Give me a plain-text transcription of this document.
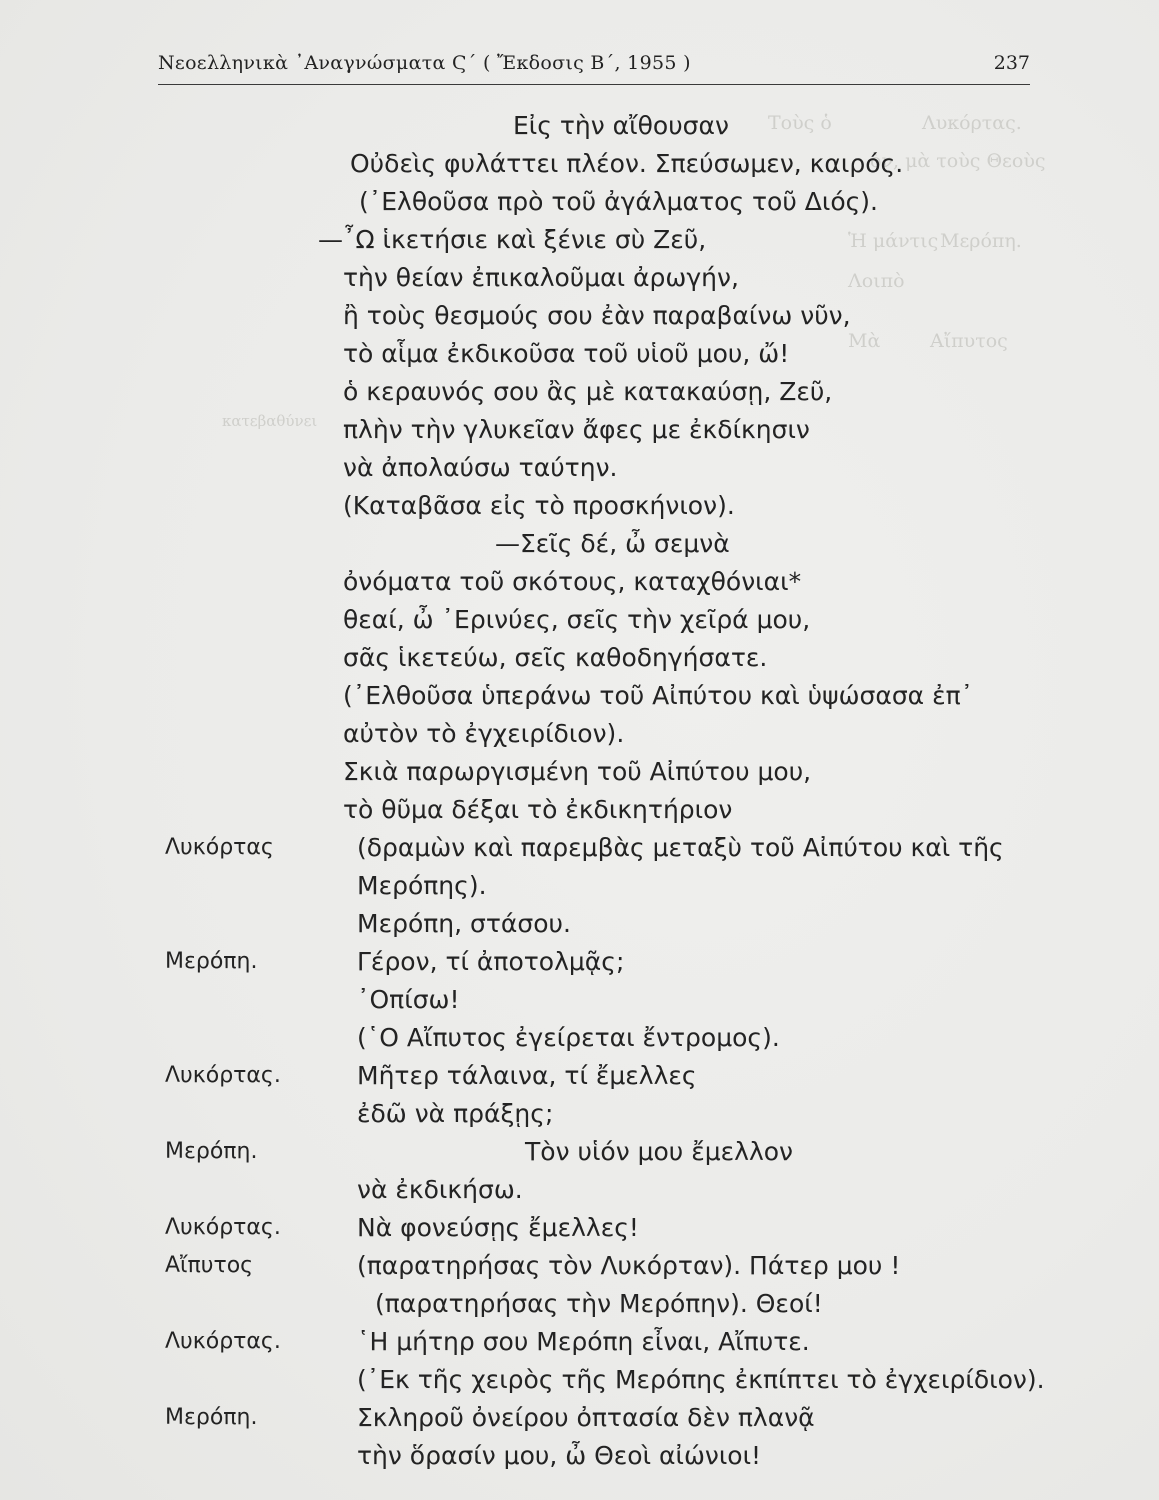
Λυκόρτας.
Τοὺς ὁ
ὸν, μὰ τοὺς Θεοὺς
Μερόπη.
Ἡ μάντις
Λοιπὸ
Αἴπυτος
Μὰ
κατεβαθύνει
Νεοελληνικὰ ᾿Αναγνώσματα Ϛ´ ( Ἔκδοσις Β´, 1955 )	237
Εἰς τὴν αἴθουσαν
Οὐδεὶς φυλάττει πλέον. Σπεύσωμεν, καιρός.
(᾿Ελθοῦσα πρὸ τοῦ ἀγάλματος τοῦ Διός).
—῏Ω ἱκετήσιε καὶ ξένιε σὺ Ζεῦ,
τὴν θείαν ἐπικαλοῦμαι ἀρωγήν,
ἢ τοὺς θεσμούς σου ἐὰν παραβαίνω νῦν,
τὸ αἷμα ἐκδικοῦσα τοῦ υἱοῦ μου, ὤ!
ὁ κεραυνός σου ἂς μὲ κατακαύσῃ, Ζεῦ,
πλὴν τὴν γλυκεῖαν ἄφες με ἐκδίκησιν
νὰ ἀπολαύσω ταύτην.
(Καταβᾶσα εἰς τὸ προσκήνιον).
—Σεῖς δέ, ὦ σεμνὰ
ὀνόματα τοῦ σκότους, καταχθόνιαι*
θεαί, ὦ ᾿Ερινύες, σεῖς τὴν χεῖρά μου,
σᾶς ἱκετεύω, σεῖς καθοδηγήσατε.
(᾿Ελθοῦσα ὑπεράνω τοῦ Αἰπύτου καὶ ὑψώσασα ἐπ᾿
αὐτὸν τὸ ἐγχειρίδιον).
Σκιὰ παρωργισμένη τοῦ Αἰπύτου μου,
τὸ θῦμα δέξαι τὸ ἐκδικητήριον
Λυκόρτας	(δραμὼν καὶ παρεμβὰς μεταξὺ τοῦ Αἰπύτου καὶ τῆς
Μερόπης).
Μερόπη, στάσου.
Μερόπη.	Γέρον, τί ἀποτολμᾷς;
᾿Οπίσω!
(῾Ο Αἴπυτος ἐγείρεται ἔντρομος).
Λυκόρτας.	Μῆτερ τάλαινα, τί ἔμελλες
ἐδῶ νὰ πράξῃς;
Μερόπη.	Τὸν υἱόν μου ἔμελλον
νὰ ἐκδικήσω.
Λυκόρτας.	Νὰ φονεύσῃς ἔμελλες!
Αἴπυτος	(παρατηρήσας τὸν Λυκόρταν). Πάτερ μου !
(παρατηρήσας τὴν Μερόπην). Θεοί!
Λυκόρτας.	῾Η μήτηρ σου Μερόπη εἶναι, Αἴπυτε.
(᾿Εκ τῆς χειρὸς τῆς Μερόπης ἐκπίπτει τὸ ἐγχειρίδιον).
Μερόπη.	Σκληροῦ ὀνείρου ὀπτασία δὲν πλανᾷ
τὴν ὅρασίν μου, ὦ Θεοὶ αἰώνιοι!
